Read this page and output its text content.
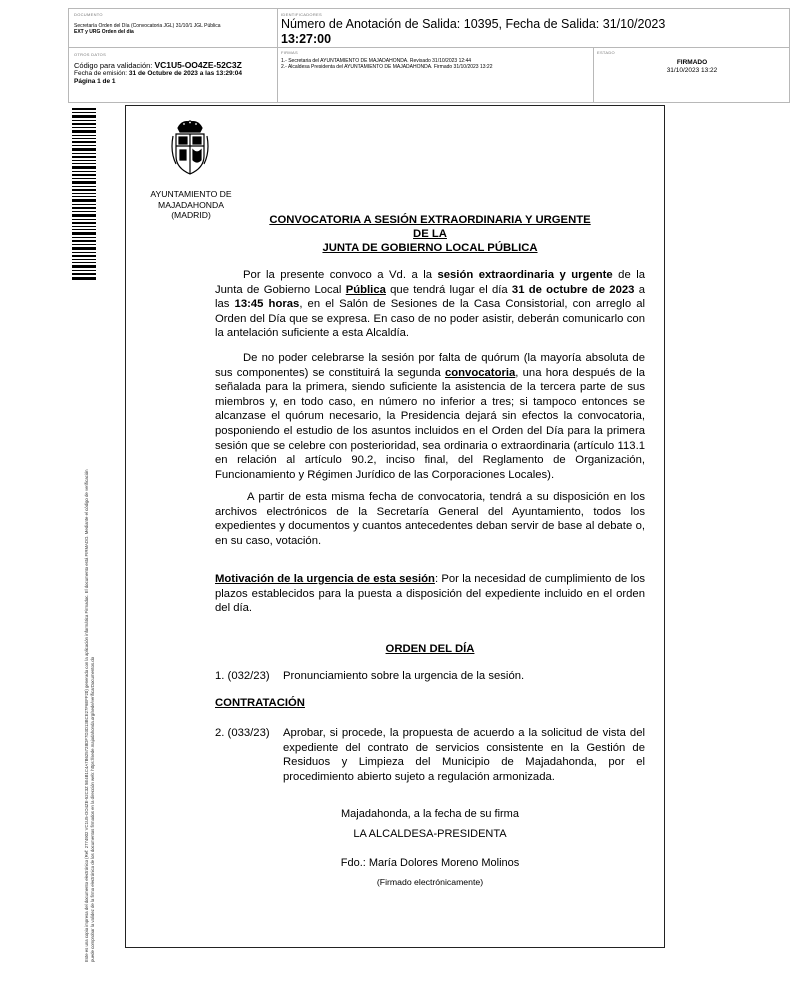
DOCUMENTO
Secretaría Orden del Día (Convocatoria JGL) 31/10/1 JGL Pública
EXT y URG Orden del día
IDENTIFICADORES
Número de Anotación de Salida: 10395, Fecha de Salida: 31/10/2023
13:27:00
OTROS DATOS
Código para validación: VC1U5-OO4ZE-52C3Z
Fecha de emisión: 31 de Octubre de 2023 a las 13:29:04
Página 1 de 1
FIRMAS
1.- Secretaria del AYUNTAMIENTO DE MAJADAHONDA. Revisado 31/10/2023 12:44
2.- Alcaldesa Presidenta del AYUNTAMIENTO DE MAJADAHONDA. Firmado 31/10/2023 13:22
ESTADO
FIRMADO
31/10/2023 13:22
Este es una copia impresa del documento electrónico (Ref: 2774902 VC1U5-OO4ZE-52C3Z 5E4B1C4A7B62572BDF7D3D13BCE27F6EFF20) generada con la aplicación informática Firmadoc. El documento está FIRMADO. Mediante el código de verificación puede comprobar la validez de la firma electrónica de los documentos firmados en la dirección web: https://sede.majadahonda.org/sede/verificarDocumentos.do
AYUNTAMIENTO DE
MAJADAHONDA
(MADRID)	CONVOCATORIA A SESIÓN EXTRAORDINARIA Y URGENTE
DE LA
JUNTA DE GOBIERNO LOCAL PÚBLICA
Por la presente convoco a Vd. a la sesión extraordinaria y urgente de la Junta de Gobierno Local Pública que tendrá lugar el día 31 de octubre de 2023 a las 13:45 horas, en el Salón de Sesiones de la Casa Consistorial, con arreglo al Orden del Día que se expresa. En caso de no poder asistir, deberán comunicarlo con la antelación suficiente a esta Alcaldía.
De no poder celebrarse la sesión por falta de quórum (la mayoría absoluta de sus componentes) se constituirá la segunda convocatoria, una hora después de la señalada para la primera, siendo suficiente la asistencia de la tercera parte de sus miembros y, en todo caso, en número no inferior a tres; si tampoco entonces se alcanzase el quórum necesario, la Presidencia dejará sin efectos la convocatoria, posponiendo el estudio de los asuntos incluidos en el Orden del Día para la primera sesión que se celebre con posterioridad, sea ordinaria o extraordinaria (artículo 113.1 en relación al artículo 90.2, inciso final, del Reglamento de Organización, Funcionamiento y Régimen Jurídico de las Corporaciones Locales).
A partir de esta misma fecha de convocatoria, tendrá a su disposición en los archivos electrónicos de la Secretaría General del Ayuntamiento, todos los expedientes y documentos y cuantos antecedentes deban servir de base al debate o, en su caso, votación.
Motivación de la urgencia de esta sesión: Por la necesidad de cumplimiento de los plazos establecidos para la puesta a disposición del expediente incluido en el orden del día.
ORDEN DEL DÍA
1. (032/23) Pronunciamiento sobre la urgencia de la sesión.
CONTRATACIÓN
2. (033/23)	Aprobar, si procede, la propuesta de acuerdo a la solicitud de vista del expediente del contrato de servicios consistente en la Gestión de Residuos y Limpieza del Municipio de Majadahonda, por el procedimiento abierto sujeto a regulación armonizada.
Majadahonda, a la fecha de su firma
LA ALCALDESA-PRESIDENTA
Fdo.: María Dolores Moreno Molinos
(Firmado electrónicamente)
